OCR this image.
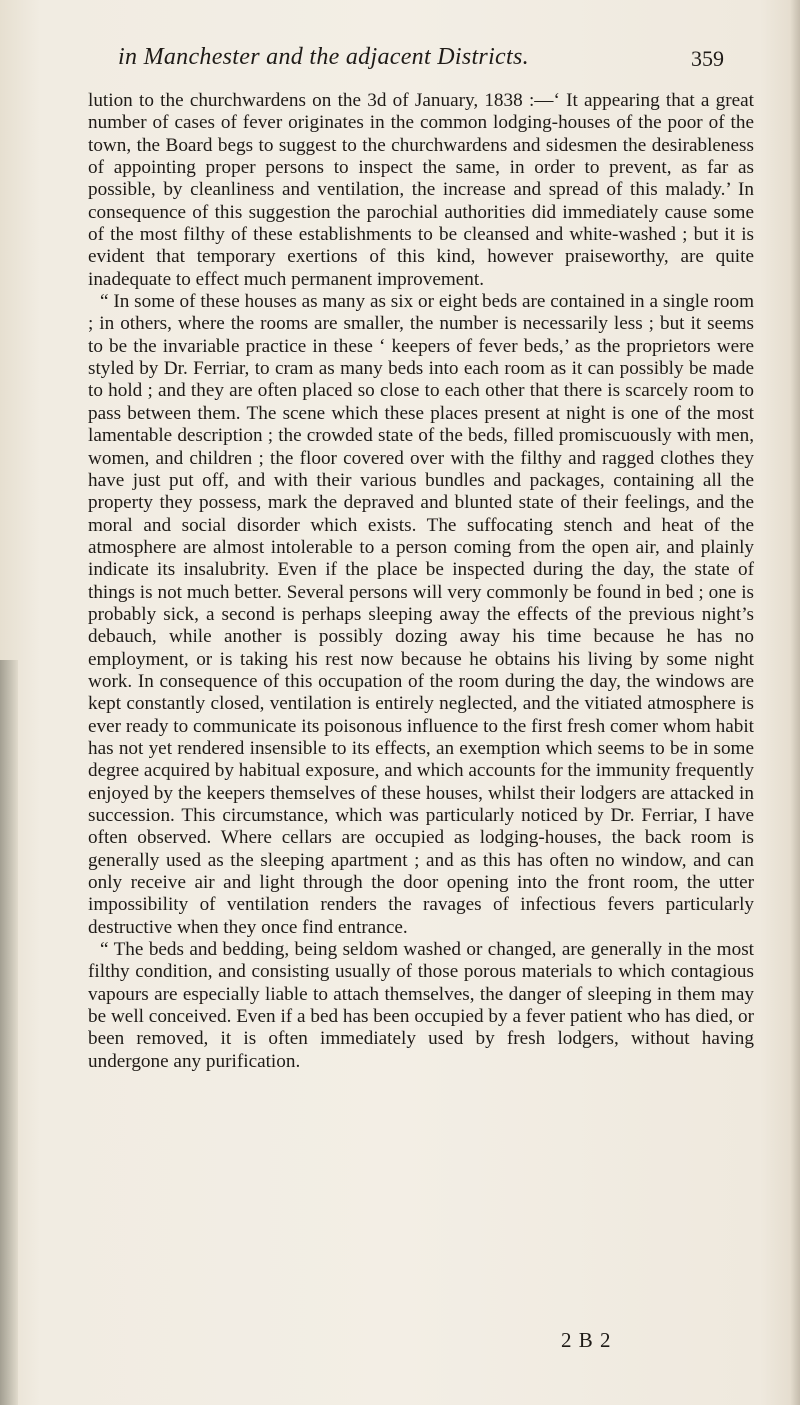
in Manchester and the adjacent Districts.	359

lution to the churchwardens on the 3d of January, 1838 :—‘ It appearing that a great number of cases of fever originates in the common lodging-houses of the poor of the town, the Board begs to suggest to the churchwardens and sidesmen the desirableness of appointing proper persons to inspect the same, in order to prevent, as far as possible, by cleanliness and ventilation, the increase and spread of this malady.’ In consequence of this suggestion the parochial authorities did immediately cause some of the most filthy of these establishments to be cleansed and white-washed ; but it is evident that temporary exertions of this kind, however praiseworthy, are quite inadequate to effect much permanent improvement.

“ In some of these houses as many as six or eight beds are contained in a single room ; in others, where the rooms are smaller, the number is necessarily less ; but it seems to be the invariable practice in these ‘ keepers of fever beds,’ as the proprietors were styled by Dr. Ferriar, to cram as many beds into each room as it can possibly be made to hold ; and they are often placed so close to each other that there is scarcely room to pass between them. The scene which these places present at night is one of the most lamentable description ; the crowded state of the beds, filled promiscuously with men, women, and children ; the floor covered over with the filthy and ragged clothes they have just put off, and with their various bundles and packages, containing all the property they possess, mark the depraved and blunted state of their feelings, and the moral and social disorder which exists. The suffocating stench and heat of the atmosphere are almost intolerable to a person coming from the open air, and plainly indicate its insalubrity. Even if the place be inspected during the day, the state of things is not much better. Several persons will very commonly be found in bed ; one is probably sick, a second is perhaps sleeping away the effects of the previous night’s debauch, while another is possibly dozing away his time because he has no employment, or is taking his rest now because he obtains his living by some night work. In consequence of this occupation of the room during the day, the windows are kept constantly closed, ventilation is entirely neglected, and the vitiated atmosphere is ever ready to communicate its poisonous influence to the first fresh comer whom habit has not yet rendered insensible to its effects, an exemption which seems to be in some degree acquired by habitual exposure, and which accounts for the immunity frequently enjoyed by the keepers themselves of these houses, whilst their lodgers are attacked in succession. This circumstance, which was particularly noticed by Dr. Ferriar, I have often observed. Where cellars are occupied as lodging-houses, the back room is generally used as the sleeping apartment ; and as this has often no window, and can only receive air and light through the door opening into the front room, the utter impossibility of ventilation renders the ravages of infectious fevers particularly destructive when they once find entrance.

“ The beds and bedding, being seldom washed or changed, are generally in the most filthy condition, and consisting usually of those porous materials to which contagious vapours are especially liable to attach themselves, the danger of sleeping in them may be well conceived. Even if a bed has been occupied by a fever patient who has died, or been removed, it is often immediately used by fresh lodgers, without having undergone any purification.

2 B 2
